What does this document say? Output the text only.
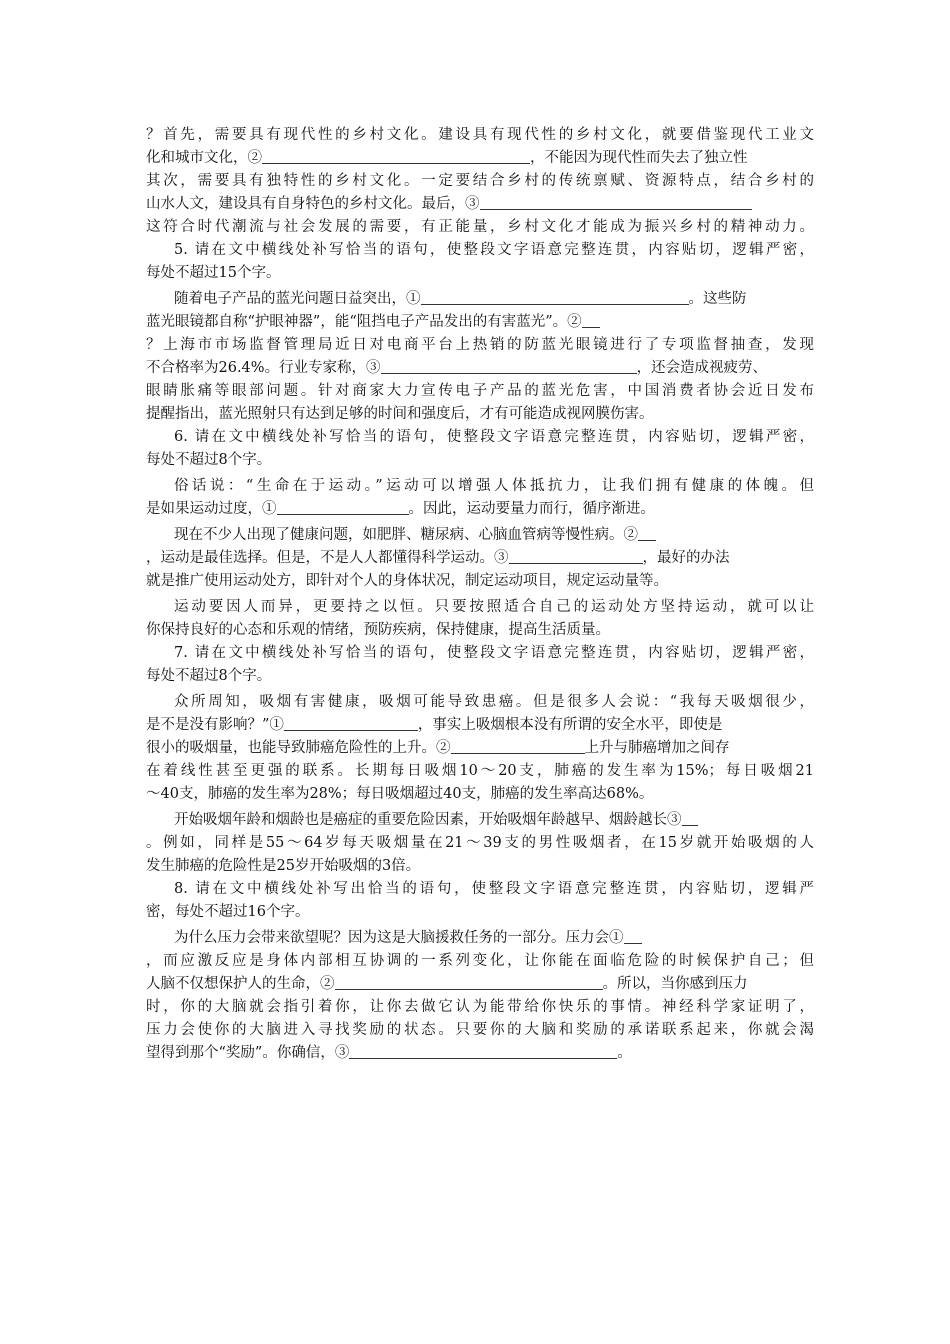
？首先，需要具有现代性的乡村文化。建设具有现代性的乡村文化，就要借鉴现代工业文
化和城市文化，②	，不能因为现代性而失去了独立性
其次，需要具有独特性的乡村文化。一定要结合乡村的传统禀赋、资源特点，结合乡村的
山水人文，建设具有自身特色的乡村文化。最后，③
这符合时代潮流与社会发展的需要，有正能量，乡村文化才能成为振兴乡村的精神动力。
5. 请在文中横线处补写恰当的语句，使整段文字语意完整连贯，内容贴切，逻辑严密，
每处不超过15个字。
随着电子产品的蓝光问题日益突出，①	。这些防
蓝光眼镜都自称“护眼神器”，能“阻挡电子产品发出的有害蓝光”。②
？上海市市场监督管理局近日对电商平台上热销的防蓝光眼镜进行了专项监督抽查，发现
不合格率为26.4%。行业专家称，③	，还会造成视疲劳、
眼睛胀痛等眼部问题。针对商家大力宣传电子产品的蓝光危害，中国消费者协会近日发布
提醒指出，蓝光照射只有达到足够的时间和强度后，才有可能造成视网膜伤害。
6. 请在文中横线处补写恰当的语句，使整段文字语意完整连贯，内容贴切，逻辑严密，
每处不超过8个字。
俗话说：“生命在于运动。”运动可以增强人体抵抗力，让我们拥有健康的体魄。但
是如果运动过度，①	。因此，运动要量力而行，循序渐进。
现在不少人出现了健康问题，如肥胖、糖尿病、心脑血管病等慢性病。②
，运动是最佳选择。但是，不是人人都懂得科学运动。③	，最好的办法
就是推广使用运动处方，即针对个人的身体状况，制定运动项目，规定运动量等。
运动要因人而异，更要持之以恒。只要按照适合自己的运动处方坚持运动，就可以让
你保持良好的心态和乐观的情绪，预防疾病，保持健康，提高生活质量。
7. 请在文中横线处补写恰当的语句，使整段文字语意完整连贯，内容贴切，逻辑严密，
每处不超过8个字。
众所周知，吸烟有害健康，吸烟可能导致患癌。但是很多人会说：“我每天吸烟很少，
是不是没有影响？”①	，事实上吸烟根本没有所谓的安全水平，即使是
很小的吸烟量，也能导致肺癌危险性的上升。②	上升与肺癌增加之间存
在着线性甚至更强的联系。长期每日吸烟10～20支，肺癌的发生率为15%；每日吸烟21
～40支，肺癌的发生率为28%；每日吸烟超过40支，肺癌的发生率高达68%。
开始吸烟年龄和烟龄也是癌症的重要危险因素，开始吸烟年龄越早、烟龄越长③
。例如，同样是55～64岁每天吸烟量在21～39支的男性吸烟者，在15岁就开始吸烟的人
发生肺癌的危险性是25岁开始吸烟的3倍。
8. 请在文中横线处补写出恰当的语句，使整段文字语意完整连贯，内容贴切，逻辑严
密，每处不超过16个字。
为什么压力会带来欲望呢？因为这是大脑援救任务的一部分。压力会①
，而应激反应是身体内部相互协调的一系列变化，让你能在面临危险的时候保护自己；但
人脑不仅想保护人的生命，②	。所以，当你感到压力
时，你的大脑就会指引着你，让你去做它认为能带给你快乐的事情。神经科学家证明了，
压力会使你的大脑进入寻找奖励的状态。只要你的大脑和奖励的承诺联系起来，你就会渴
望得到那个“奖励”。你确信，③	。
